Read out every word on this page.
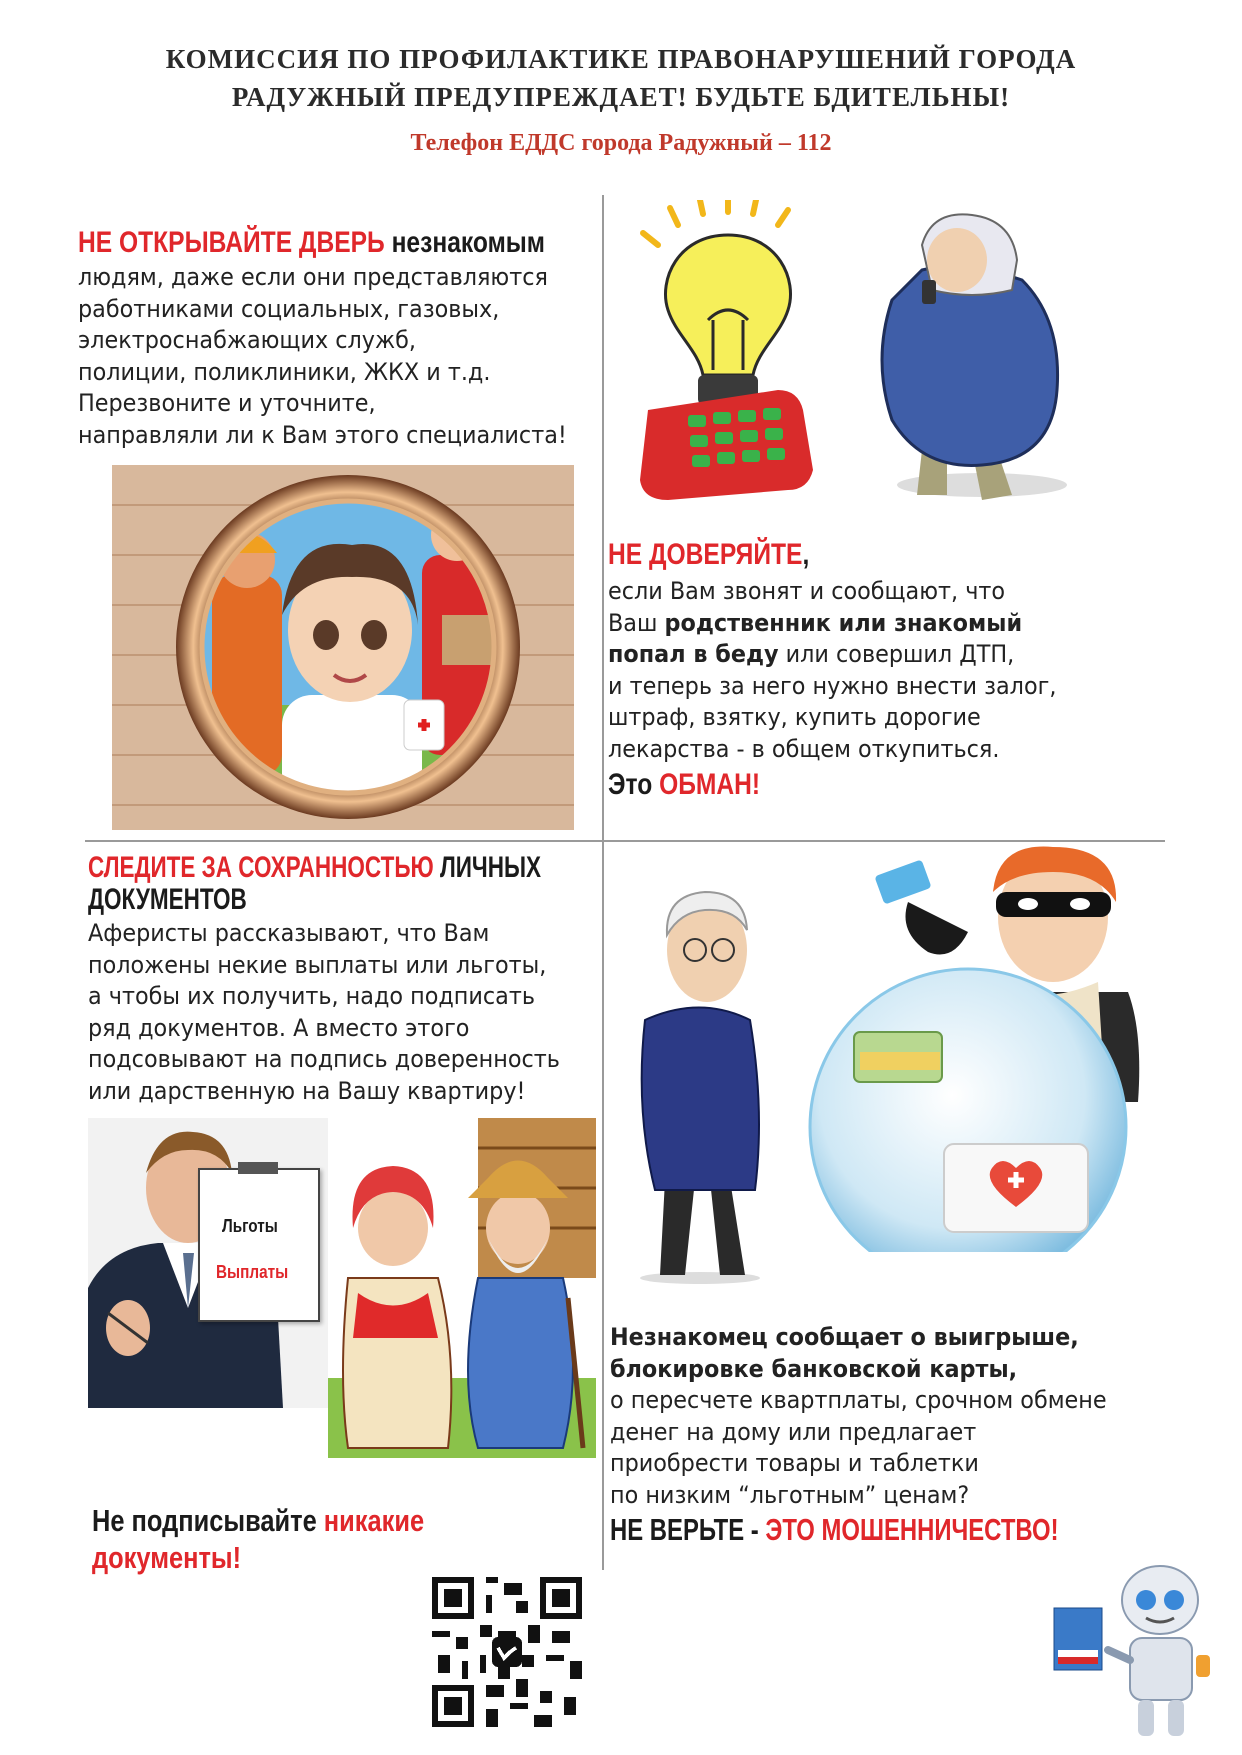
КОМИССИЯ ПО ПРОФИЛАКТИКЕ ПРАВОНАРУШЕНИЙ ГОРОДА
РАДУЖНЫЙ ПРЕДУПРЕЖДАЕТ! БУДЬТЕ БДИТЕЛЬНЫ!
Телефон ЕДДС города Радужный – 112
НЕ ОТКРЫВАЙТЕ ДВЕРЬ незнакомым
людям, даже если они представляются
работниками социальных, газовых,
электроснабжающих служб,
полиции, поликлиники, ЖКХ и т.д.
Перезвоните и уточните,
направляли ли к Вам этого специалиста!
НЕ ДОВЕРЯЙТЕ,
если Вам звонят и сообщают, что
Ваш родственник или знакомый
попал в беду или совершил ДТП,
и теперь за него нужно внести залог,
штраф, взятку, купить дорогие
лекарства - в общем откупиться.
Это ОБМАН!
СЛЕДИТЕ ЗА СОХРАННОСТЬЮ ЛИЧНЫХ
ДОКУМЕНТОВ
Аферисты рассказывают, что Вам
положены некие выплаты или льготы,
а чтобы их получить, надо подписать
ряд документов. А вместо этого
подсовывают на подпись доверенность
или дарственную на Вашу квартиру!
Льготы
Выплаты
Не подписывайте никакие
документы!
Незнакомец сообщает о выигрыше,
блокировке банковской карты,
о пересчете квартплаты, срочном обмене
денег на дому или предлагает
приобрести товары и таблетки
по низким “льготным” ценам?
НЕ ВЕРЬТЕ - ЭТО МОШЕННИЧЕСТВО!
